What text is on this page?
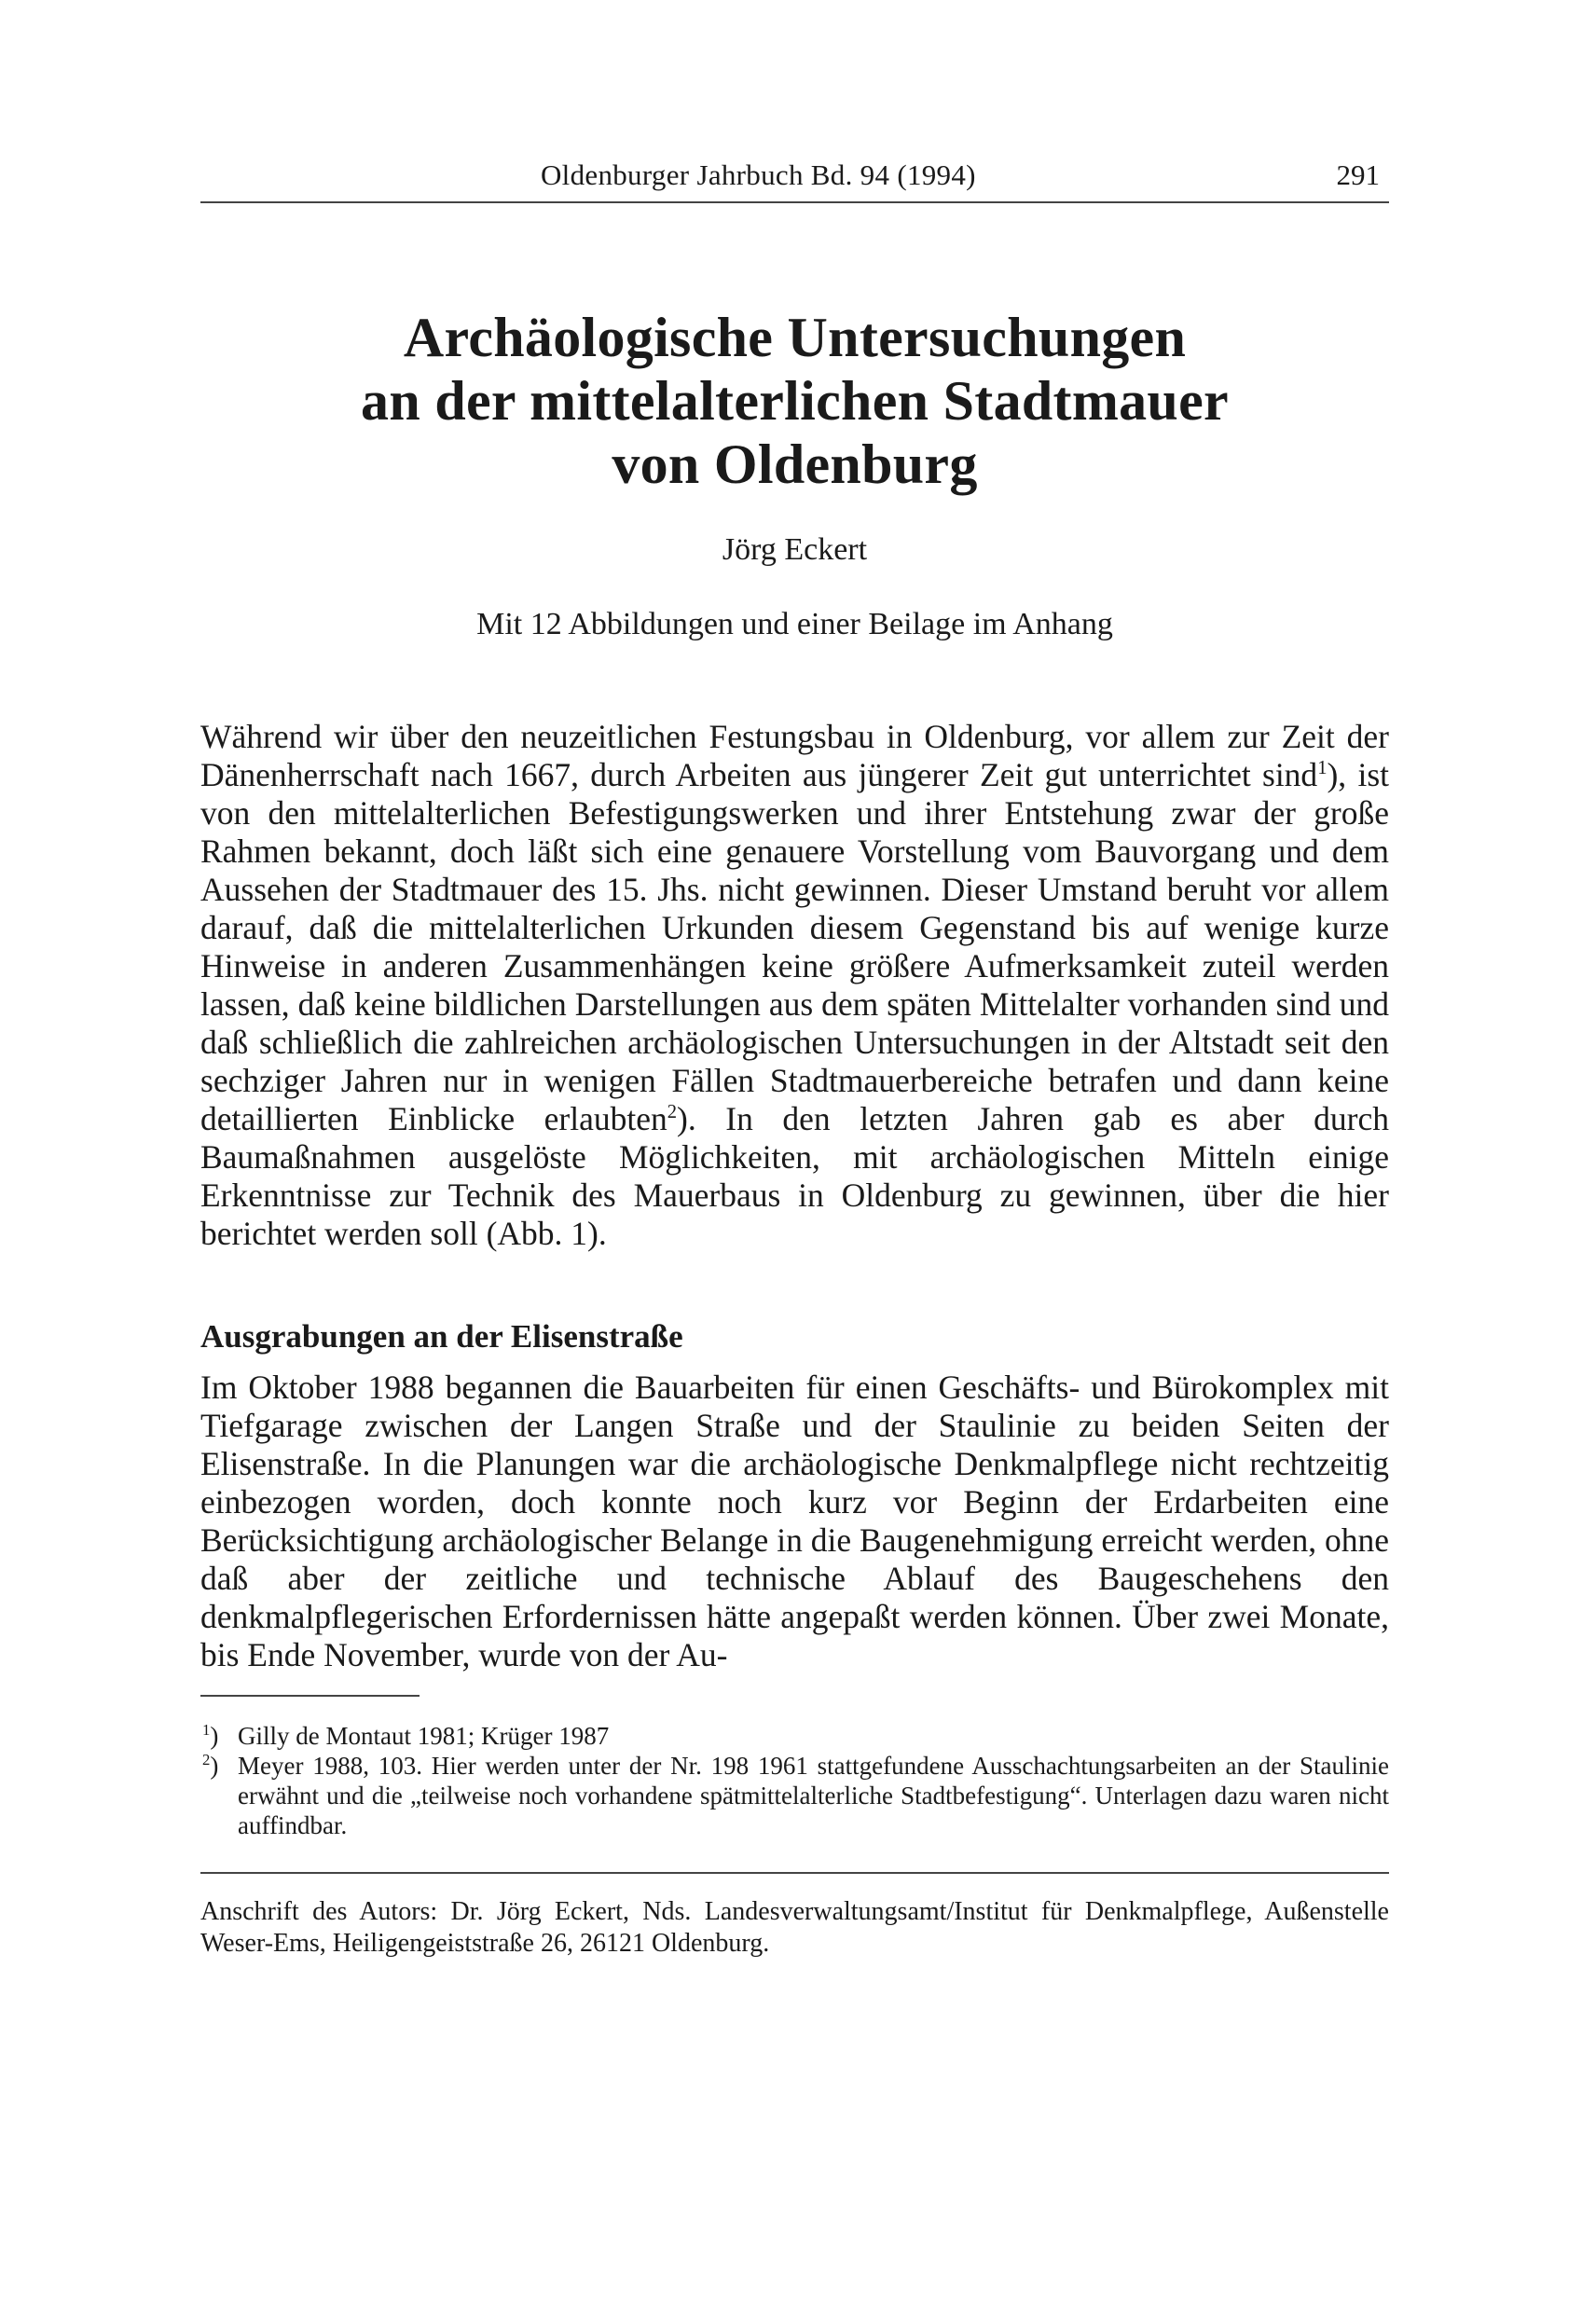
Oldenburger Jahrbuch Bd. 94 (1994)	291
Archäologische Untersuchungen
an der mittelalterlichen Stadtmauer
von Oldenburg
Jörg Eckert
Mit 12 Abbildungen und einer Beilage im Anhang

Während wir über den neuzeitlichen Festungsbau in Oldenburg, vor allem zur Zeit der Dänenherrschaft nach 1667, durch Arbeiten aus jüngerer Zeit gut unterrichtet sind$^1$), ist von den mittelalterlichen Befestigungswerken und ihrer Entstehung zwar der große Rahmen bekannt, doch läßt sich eine genauere Vorstellung vom Bauvorgang und dem Aussehen der Stadtmauer des 15. Jhs. nicht gewinnen. Dieser Umstand beruht vor allem darauf, daß die mittelalterlichen Urkunden diesem Gegenstand bis auf wenige kurze Hinweise in anderen Zusammenhängen keine größere Aufmerksamkeit zuteil werden lassen, daß keine bildlichen Darstellungen aus dem späten Mittelalter vorhanden sind und daß schließlich die zahlreichen archäologischen Untersuchungen in der Altstadt seit den sechziger Jahren nur in wenigen Fällen Stadtmauerbereiche betrafen und dann keine detaillierten Einblicke erlaubten$^2$). In den letzten Jahren gab es aber durch Baumaßnahmen ausgelöste Möglichkeiten, mit archäologischen Mitteln einige Erkenntnisse zur Technik des Mauerbaus in Oldenburg zu gewinnen, über die hier berichtet werden soll (Abb. 1).

Ausgrabungen an der Elisenstraße

Im Oktober 1988 begannen die Bauarbeiten für einen Geschäfts- und Bürokomplex mit Tiefgarage zwischen der Langen Straße und der Staulinie zu beiden Seiten der Elisenstraße. In die Planungen war die archäologische Denkmalpflege nicht rechtzeitig einbezogen worden, doch konnte noch kurz vor Beginn der Erdarbeiten eine Berücksichtigung archäologischer Belange in die Baugenehmigung erreicht werden, ohne daß aber der zeitliche und technische Ablauf des Baugeschehens den denkmalpflegerischen Erfordernissen hätte angepaßt werden können. Über zwei Monate, bis Ende November, wurde von der Au-

$^1$) Gilly de Montaut 1981; Krüger 1987
$^2$) Meyer 1988, 103. Hier werden unter der Nr. 198 1961 stattgefundene Ausschachtungsarbeiten an der Staulinie erwähnt und die „teilweise noch vorhandene spätmittelalterliche Stadtbefestigung“. Unterlagen dazu waren nicht auffindbar.
Anschrift des Autors: Dr. Jörg Eckert, Nds. Landesverwaltungsamt/Institut für Denkmalpflege, Außenstelle Weser-Ems, Heiligengeiststraße 26, 26121 Oldenburg.
